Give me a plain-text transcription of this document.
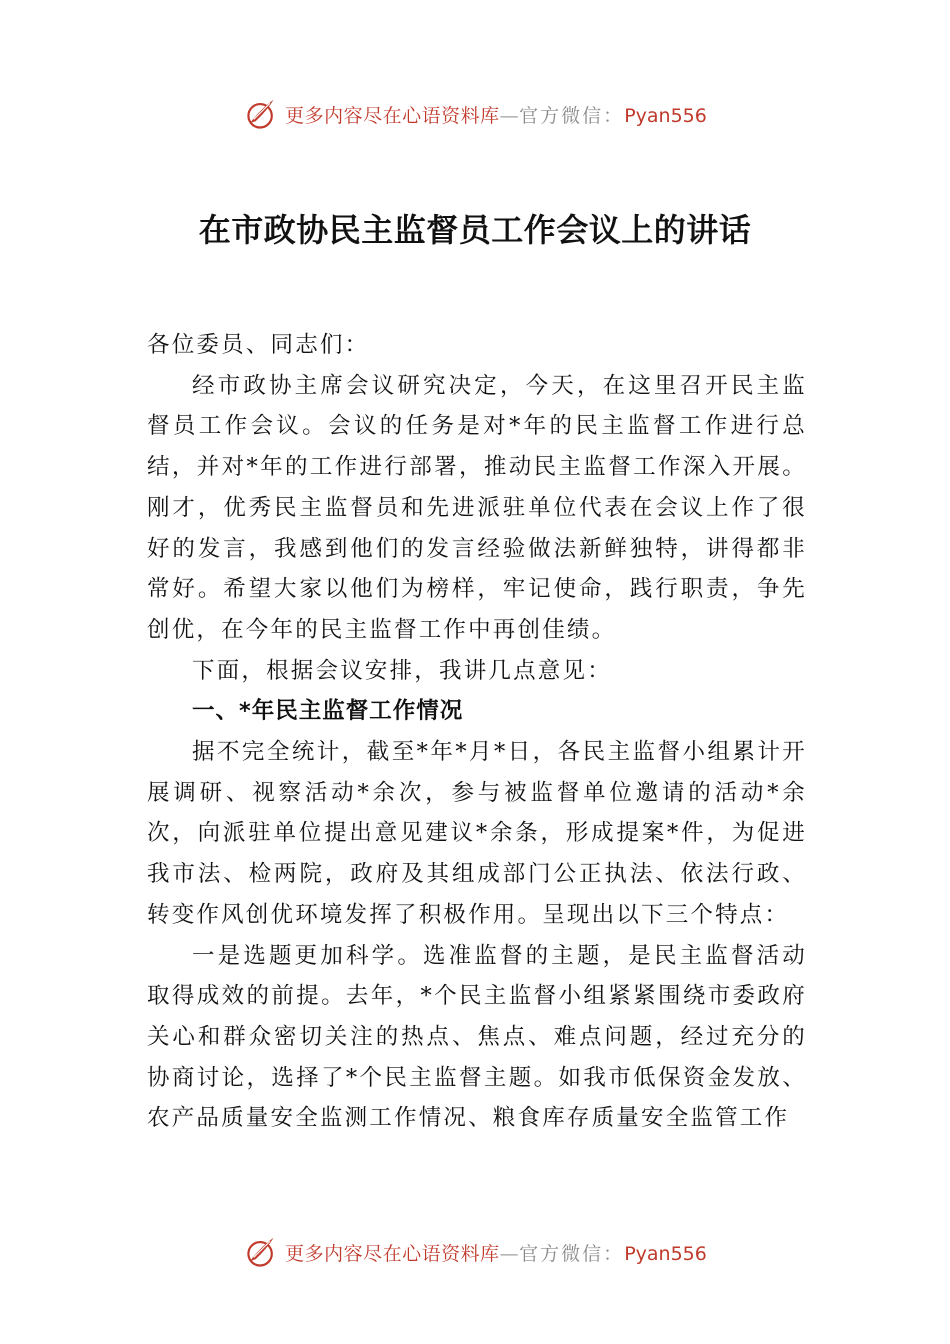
更多内容尽在心语资料库—官方微信：Pyan556
在市政协民主监督员工作会议上的讲话

各位委员、同志们：

经市政协主席会议研究决定，今天，在这里召开民主监督员工作会议。会议的任务是对*年的民主监督工作进行总结，并对*年的工作进行部署，推动民主监督工作深入开展。刚才，优秀民主监督员和先进派驻单位代表在会议上作了很好的发言，我感到他们的发言经验做法新鲜独特，讲得都非常好。希望大家以他们为榜样，牢记使命，践行职责，争先创优，在今年的民主监督工作中再创佳绩。

下面，根据会议安排，我讲几点意见：

一、*年民主监督工作情况

据不完全统计，截至*年*月*日，各民主监督小组累计开展调研、视察活动*余次，参与被监督单位邀请的活动*余次，向派驻单位提出意见建议*余条，形成提案*件，为促进我市法、检两院，政府及其组成部门公正执法、依法行政、转变作风创优环境发挥了积极作用。呈现出以下三个特点：

一是选题更加科学。选准监督的主题，是民主监督活动取得成效的前提。去年，*个民主监督小组紧紧围绕市委政府关心和群众密切关注的热点、焦点、难点问题，经过充分的协商讨论，选择了*个民主监督主题。如我市低保资金发放、农产品质量安全监测工作情况、粮食库存质量安全监管工作

更多内容尽在心语资料库—官方微信：Pyan556
